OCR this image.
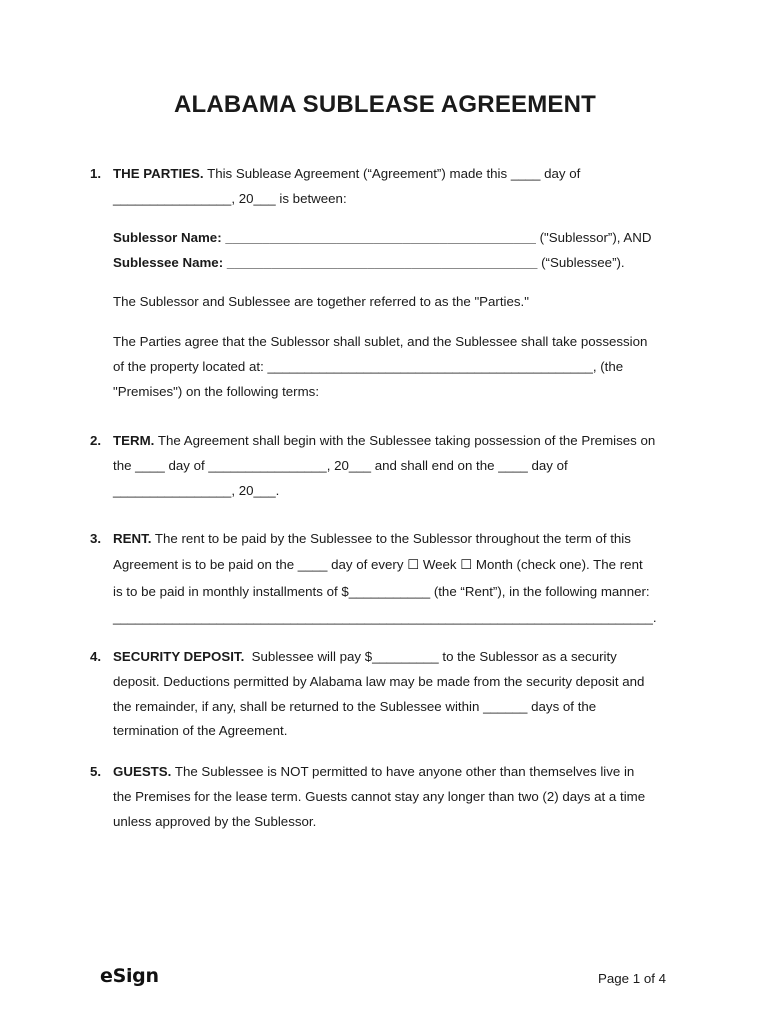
ALABAMA SUBLEASE AGREEMENT
1. THE PARTIES. This Sublease Agreement (“Agreement”) made this ____ day of

________________, 20___ is between:

Sublessor Name: __________________________________________ ("Sublessor”), AND

Sublessee Name: __________________________________________ (“Sublessee”).

The Sublessor and Sublessee are together referred to as the "Parties."

The Parties agree that the Sublessor shall sublet, and the Sublessee shall take possession

of the property located at: ____________________________________________, (the

"Premises") on the following terms:

2. TERM. The Agreement shall begin with the Sublessee taking possession of the Premises on

the ____ day of ________________, 20___ and shall end on the ____ day of

________________, 20___.

3. RENT. The rent to be paid by the Sublessee to the Sublessor throughout the term of this

Agreement is to be paid on the ____ day of every ☐ Week ☐ Month (check one). The rent

is to be paid in monthly installments of $___________ (the “Rent”), in the following manner:

_________________________________________________________________________.

4. SECURITY DEPOSIT.  Sublessee will pay $_________ to the Sublessor as a security

deposit. Deductions permitted by Alabama law may be made from the security deposit and

the remainder, if any, shall be returned to the Sublessee within ______ days of the

termination of the Agreement.

5. GUESTS. The Sublessee is NOT permitted to have anyone other than themselves live in

the Premises for the lease term. Guests cannot stay any longer than two (2) days at a time

unless approved by the Sublessor.

eSign	Page 1 of 4
